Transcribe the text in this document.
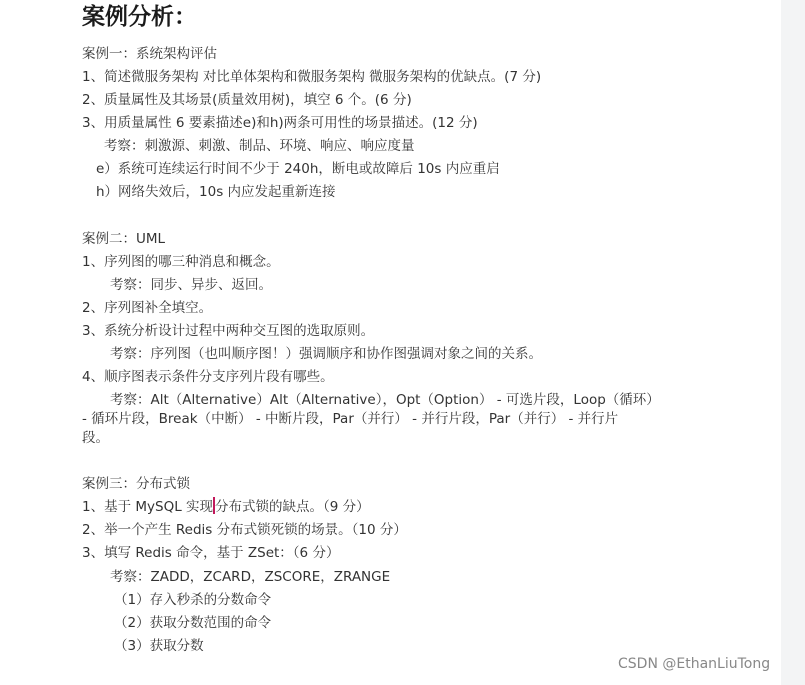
案例分析：
案例一：系统架构评估
1、简述微服务架构 对比单体架构和微服务架构 微服务架构的优缺点。(7 分)
2、质量属性及其场景(质量效用树)，填空 6 个。(6 分)
3、用质量属性 6 要素描述e)和h)两条可用性的场景描述。(12 分)
考察：刺激源、刺激、制品、环境、响应、响应度量
e）系统可连续运行时间不少于 240h，断电或故障后 10s 内应重启
h）网络失效后，10s 内应发起重新连接
案例二：UML
1、序列图的哪三种消息和概念。
考察：同步、异步、返回。
2、序列图补全填空。
3、系统分析设计过程中两种交互图的选取原则。
考察：序列图（也叫顺序图！）强调顺序和协作图强调对象之间的关系。
4、顺序图表示条件分支序列片段有哪些。
考察：Alt（Alternative）Alt（Alternative），Opt（Option） - 可选片段，Loop（循环）
- 循环片段，Break（中断） - 中断片段，Par（并行） - 并行片段，Par（并行） - 并行片
段。
案例三：分布式锁
1、基于 MySQL 实现 分布式锁的缺点。（9 分）
2、举一个产生 Redis 分布式锁死锁的场景。（10 分）
3、填写 Redis 命令，基于 ZSet：（6 分）
考察：ZADD，ZCARD，ZSCORE，ZRANGE
（1）存入秒杀的分数命令
（2）获取分数范围的命令
（3）获取分数
CSDN @EthanLiuTong
